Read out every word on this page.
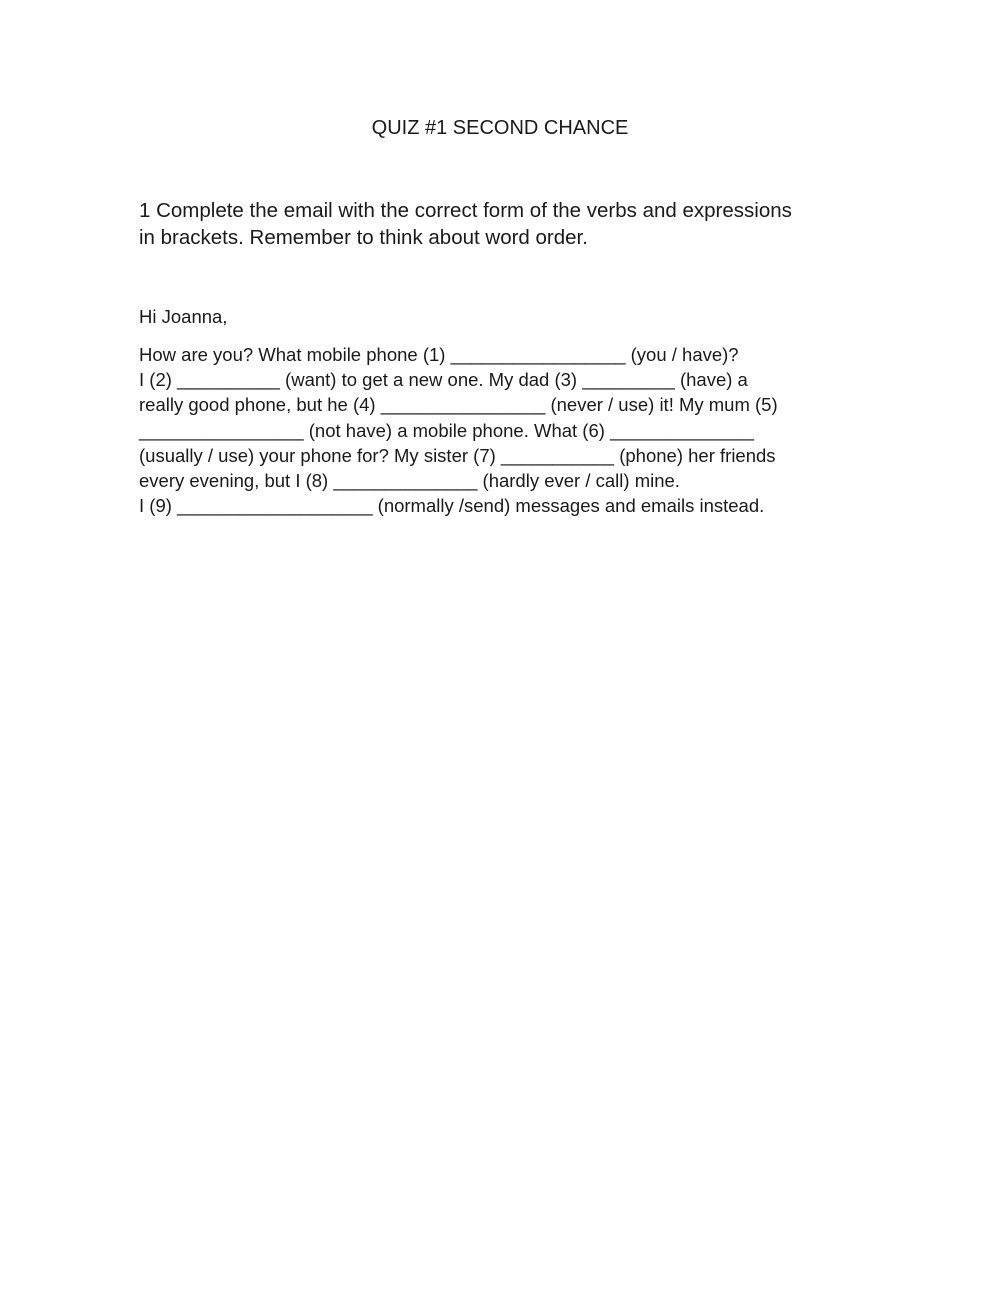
QUIZ #1 SECOND CHANCE
1 Complete the email with the correct form of the verbs and expressions
in brackets. Remember to think about word order.
Hi Joanna,
How are you? What mobile phone (1) _________________ (you / have)?
I (2) __________ (want) to get a new one. My dad (3) _________ (have) a
really good phone, but he (4) ________________ (never / use) it! My mum (5)
________________ (not have) a mobile phone. What (6) ______________
(usually / use) your phone for? My sister (7) ___________ (phone) her friends
every evening, but I (8) ______________ (hardly ever / call) mine.
I (9) ___________________ (normally /send) messages and emails instead.
